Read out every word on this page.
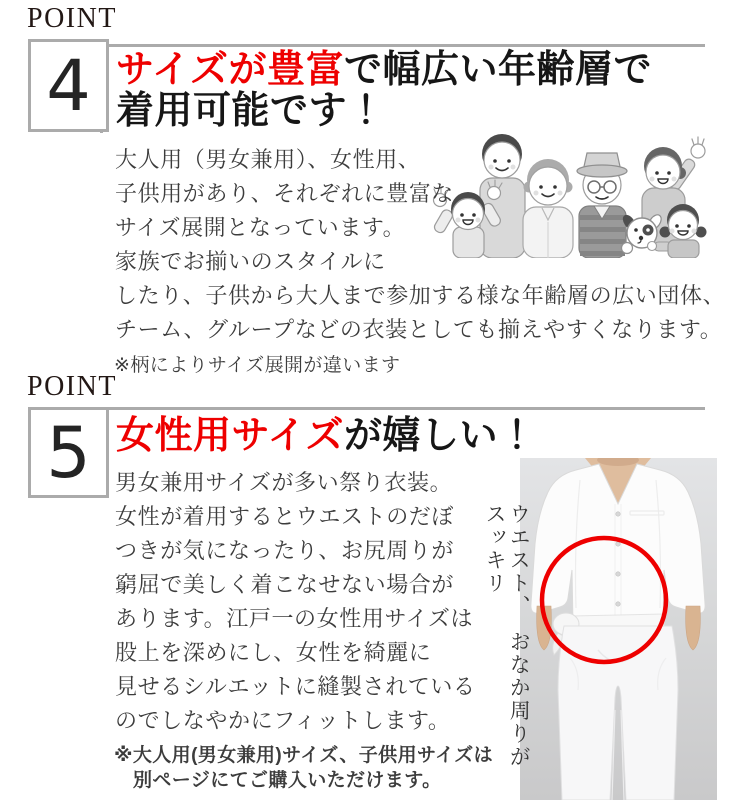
POINT
4 サイズが豊富で幅広い年齢層で
着用可能です！
大人用（男女兼用）、女性用、
子供用があり、それぞれに豊富な
サイズ展開となっています。
家族でお揃いのスタイルに
したり、子供から大人まで参加する様な年齢層の広い団体、
チーム、グループなどの衣装としても揃えやすくなります。
※柄によりサイズ展開が違います
POINT
5 女性用サイズが嬉しい！
男女兼用サイズが多い祭り衣装。
女性が着用するとウエストのだぼ
つきが気になったり、お尻周りが
窮屈で美しく着こなせない場合が
あります。江戸一の女性用サイズは
股上を深めにし、女性を綺麗に
見せるシルエットに縫製されている
のでしなやかにフィットします。
※大人用(男女兼用)サイズ、子供用サイズは
別ページにてご購入いただけます。
ウエスト、　おなか周りがスッキリ
